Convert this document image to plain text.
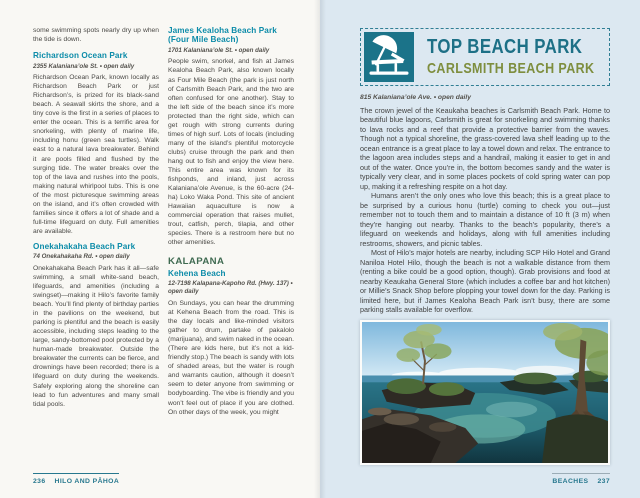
some swimming spots nearly dry up when the tide is down.

Richardson Ocean Park

2355 Kalaniana’ole St. • open daily

Richardson Ocean Park, known locally as Richardson Beach Park or just Richardson’s, is prized for its black-sand beach. A seawall skirts the shore, and a tiny cove is the first in a series of places to enter the ocean. This is a terrific area for snorkeling, with plenty of marine life, including honu (green sea turtles). Walk east to a natural lava breakwater. Behind it are pools filled and flushed by the surging tide. The water breaks over the top of the lava and rushes into the pools, making natural whirlpool tubs. This is one of the most picturesque swimming areas on the island, and it’s often crowded with families since it offers a lot of shade and a full-time lifeguard on duty. Full amenities are available.

Onekahakaha Beach Park

74 Onekahakaha Rd. • open daily

Onekahakaha Beach Park has it all—safe swimming, a small white-sand beach, lifeguards, and amenities (including a swingset)—making it Hilo’s favorite family beach. You’ll find plenty of birthday parties in the pavilions on the weekend, but parking is plentiful and the beach is easily accessible, including steps leading to the large, sandy-bottomed pool protected by a human-made breakwater. Outside the breakwater the currents can be fierce, and drownings have been recorded; there is a lifeguard on duty during the weekends. Safely exploring along the shoreline can lead to fun adventures and many small tidal pools.

James Kealoha Beach Park (Four Mile Beach)

1701 Kalaniana’ole St. • open daily

People swim, snorkel, and fish at James Kealoha Beach Park, also known locally as Four Mile Beach (the park is just north of Carlsmith Beach Park, and the two are often confused for one another). Stay to the left side of the beach since it’s more protected than the right side, which can get rough with strong currents during times of high surf. Lots of locals (including many of the island’s plentiful motorcycle clubs) cruise through the park and then hang out to fish and enjoy the view here. This entire area was known for its fishponds, and inland, just across Kalaniana’ole Avenue, is the 60-acre (24-ha) Loko Waka Pond. This site of ancient Hawaiian aquaculture is now a commercial operation that raises mullet, trout, catfish, perch, tilapia, and other species. There is a restroom here but no other amenities.

KALAPANA
Kehena Beach

12-7198 Kalapana-Kapoho Rd. (Hwy. 137) • open daily

On Sundays, you can hear the drumming at Kehena Beach from the road. This is the day locals and like-minded visitors gather to drum, partake of pakalolo (marijuana), and swim naked in the ocean. (There are kids here, but it’s not a kid-friendly stop.) The beach is sandy with lots of shaded areas, but the water is rough and warrants caution, although it doesn’t seem to deter anyone from swimming or bodyboarding. The vibe is friendly and you won’t feel out of place if you are clothed. On other days of the week, you might

236 HILO AND PĀHOA
TOP BEACH PARK
CARLSMITH BEACH PARK

815 Kalaniana’ole Ave. • open daily

The crown jewel of the Keaukaha beaches is Carlsmith Beach Park. Home to beautiful blue lagoons, Carlsmith is great for snorkeling and swimming thanks to lava rocks and a reef that provide a protective barrier from the waves. Though not a typical shoreline, the grass-covered lava shelf leading up to the ocean entrance is a great place to lay a towel down and relax. The entrance to the lagoon area includes steps and a handrail, making it easier to get in and out of the water. Once you’re in, the bottom becomes sandy and the water is typically very clear, and in some places pockets of cold spring water can pop up, making it a refreshing respite on a hot day.

Humans aren’t the only ones who love this beach; this is a great place to be surprised by a curious honu (turtle) coming to check you out—just remember not to touch them and to maintain a distance of 10 ft (3 m) when they’re hanging out nearby. Thanks to the beach’s popularity, there’s a lifeguard on weekends and holidays, along with full amenities including restrooms, showers, and picnic tables.

Most of Hilo’s major hotels are nearby, including SCP Hilo Hotel and Grand Naniloa Hotel Hilo, though the beach is not a walkable distance from them (renting a bike could be a good option, though). Grab provisions and food at nearby Keaukaha General Store (which includes a coffee bar and hot kitchen) or Millie’s Snack Shop before plopping your towel down for the day. Parking is limited here, but if James Kealoha Beach Park isn’t busy, there are some parking stalls available for overflow.

BEACHES 237
